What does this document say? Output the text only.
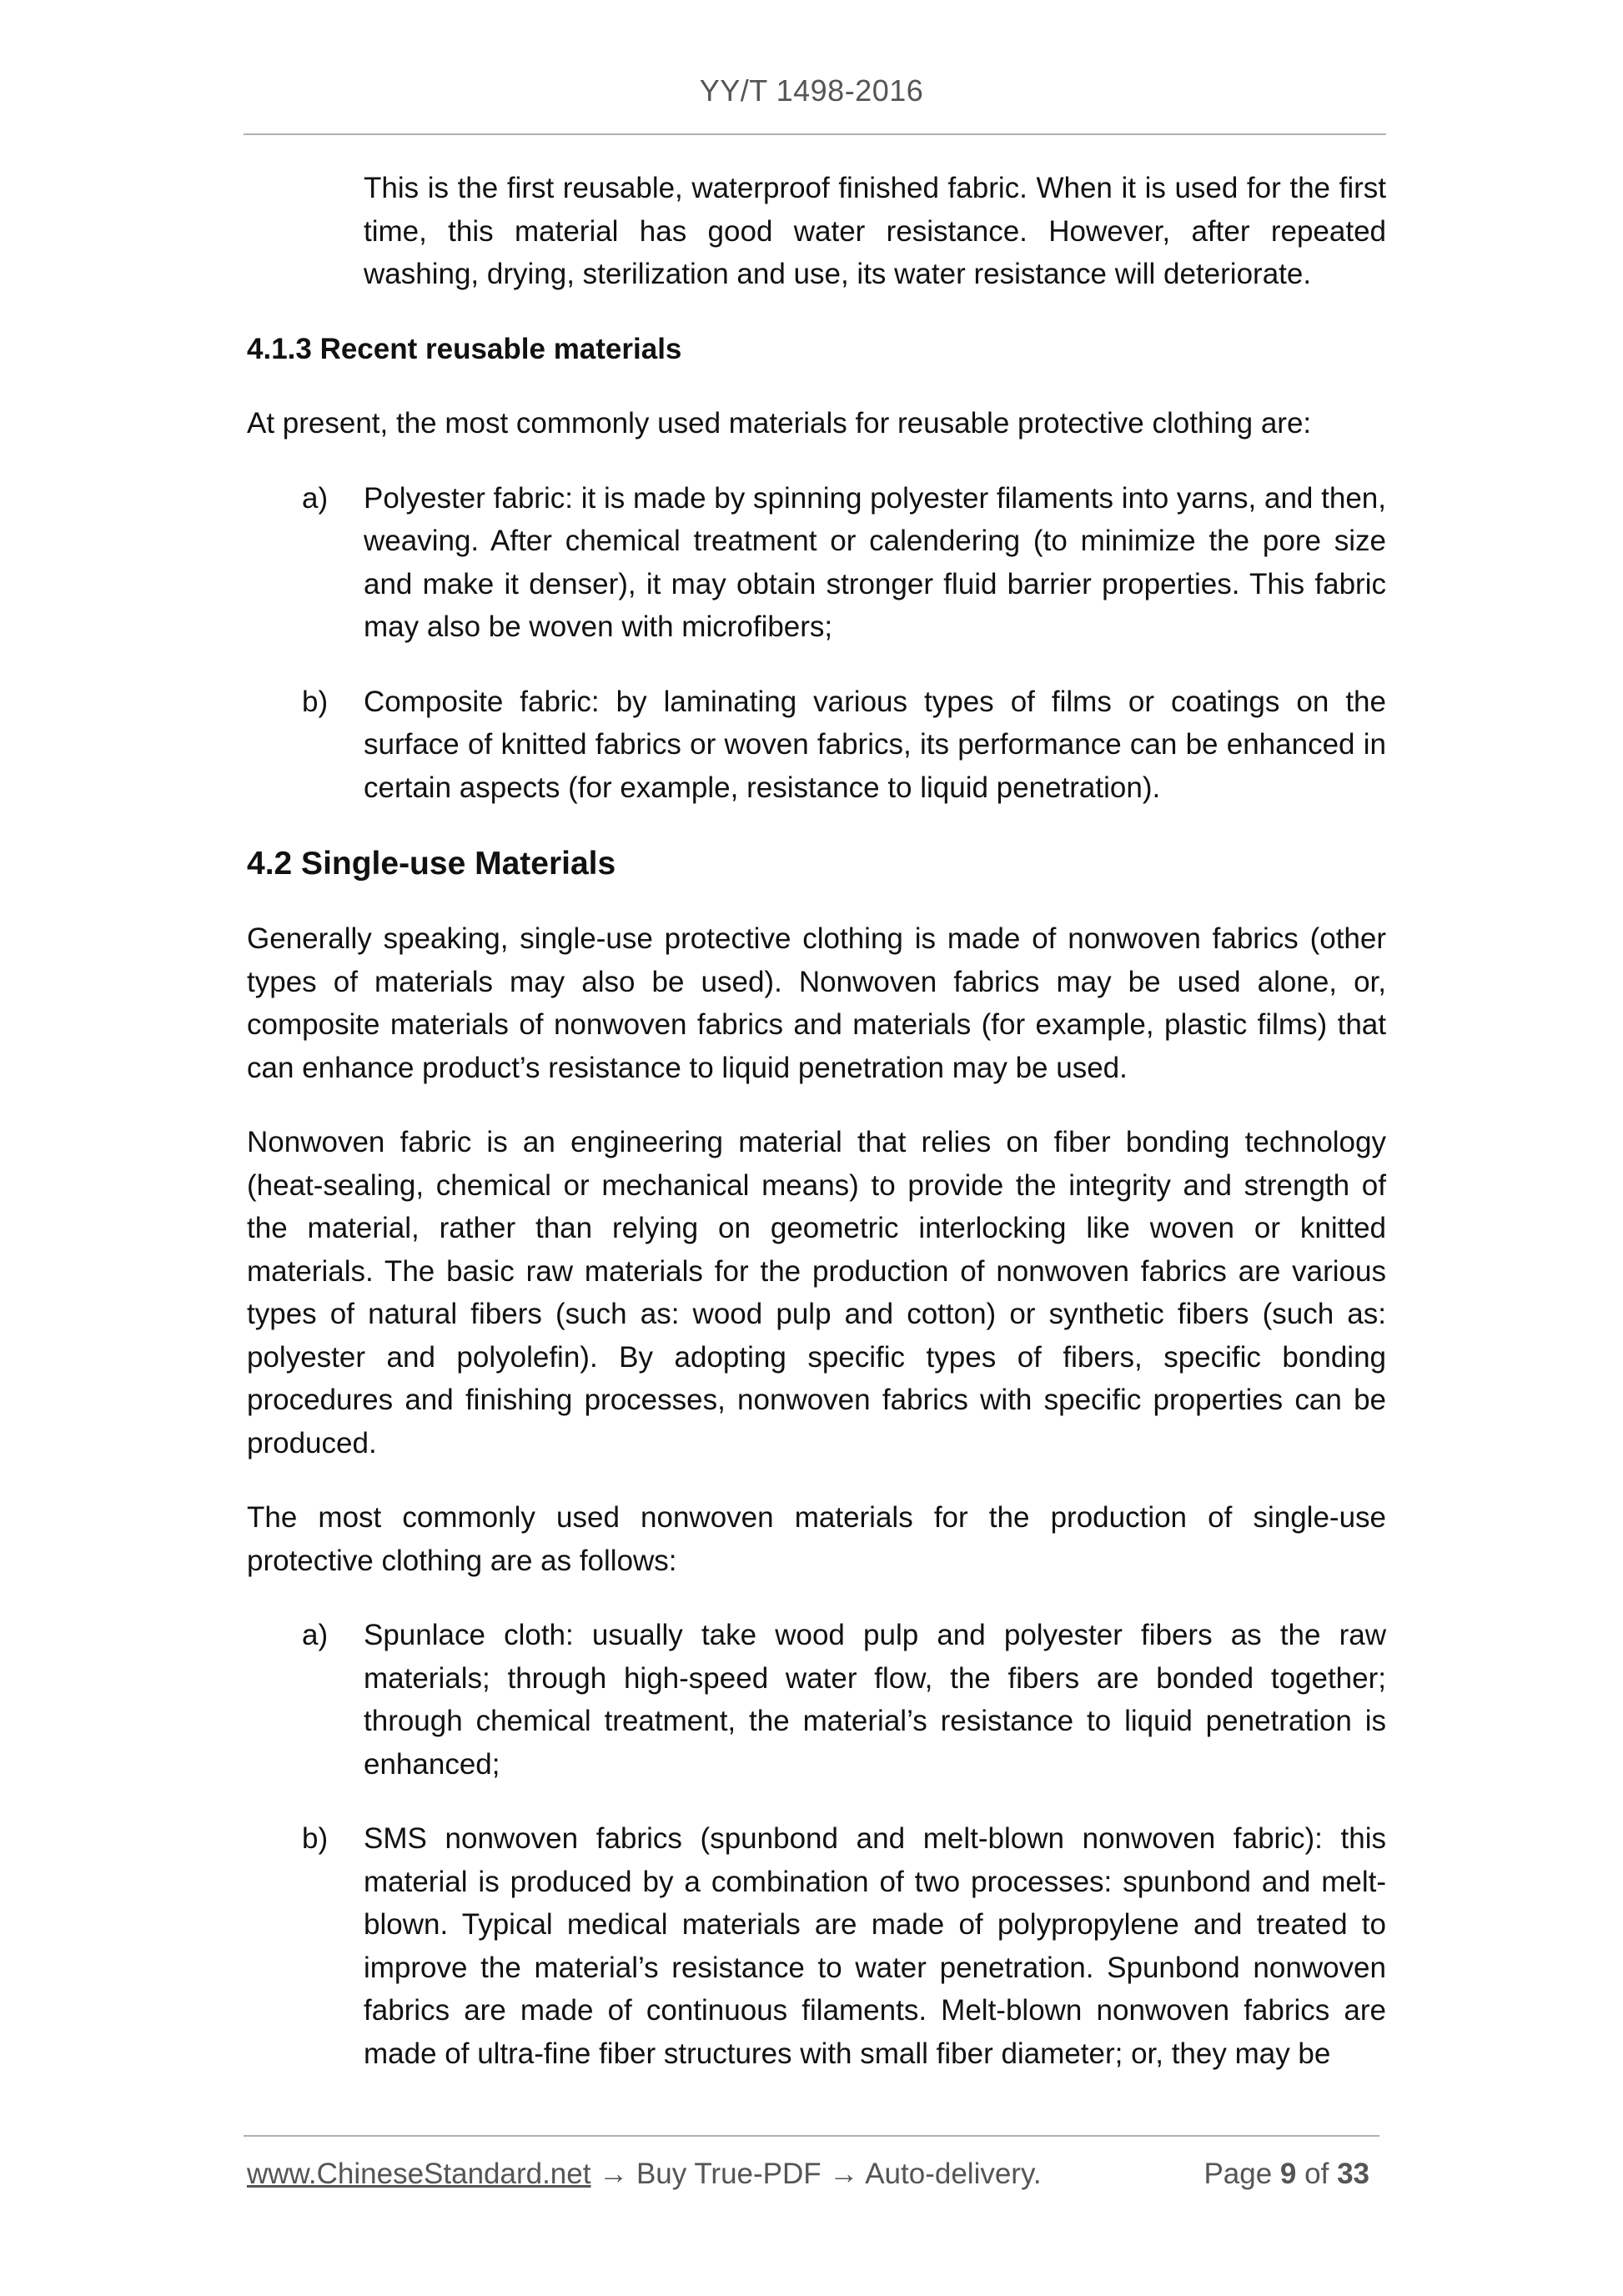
YY/T 1498-2016

This is the first reusable, waterproof finished fabric. When it is used for the first time, this material has good water resistance. However, after repeated washing, drying, sterilization and use, its water resistance will deteriorate.

4.1.3 Recent reusable materials

At present, the most commonly used materials for reusable protective clothing are:

a)	Polyester fabric: it is made by spinning polyester filaments into yarns, and then, weaving. After chemical treatment or calendering (to minimize the pore size and make it denser), it may obtain stronger fluid barrier properties. This fabric may also be woven with microfibers;

b)	Composite fabric: by laminating various types of films or coatings on the surface of knitted fabrics or woven fabrics, its performance can be enhanced in certain aspects (for example, resistance to liquid penetration).

4.2 Single-use Materials

Generally speaking, single-use protective clothing is made of nonwoven fabrics (other types of materials may also be used). Nonwoven fabrics may be used alone, or, composite materials of nonwoven fabrics and materials (for example, plastic films) that can enhance product’s resistance to liquid penetration may be used.

Nonwoven fabric is an engineering material that relies on fiber bonding technology (heat-sealing, chemical or mechanical means) to provide the integrity and strength of the material, rather than relying on geometric interlocking like woven or knitted materials. The basic raw materials for the production of nonwoven fabrics are various types of natural fibers (such as: wood pulp and cotton) or synthetic fibers (such as: polyester and polyolefin). By adopting specific types of fibers, specific bonding procedures and finishing processes, nonwoven fabrics with specific properties can be produced.

The most commonly used nonwoven materials for the production of single-use protective clothing are as follows:

a)	Spunlace cloth: usually take wood pulp and polyester fibers as the raw materials; through high-speed water flow, the fibers are bonded together; through chemical treatment, the material’s resistance to liquid penetration is enhanced;

b)	SMS nonwoven fabrics (spunbond and melt-blown nonwoven fabric): this material is produced by a combination of two processes: spunbond and melt-blown. Typical medical materials are made of polypropylene and treated to improve the material’s resistance to water penetration. Spunbond nonwoven fabrics are made of continuous filaments. Melt-blown nonwoven fabrics are made of ultra-fine fiber structures with small fiber diameter; or, they may be

www.ChineseStandard.net → Buy True-PDF → Auto-delivery.	Page 9 of 33
